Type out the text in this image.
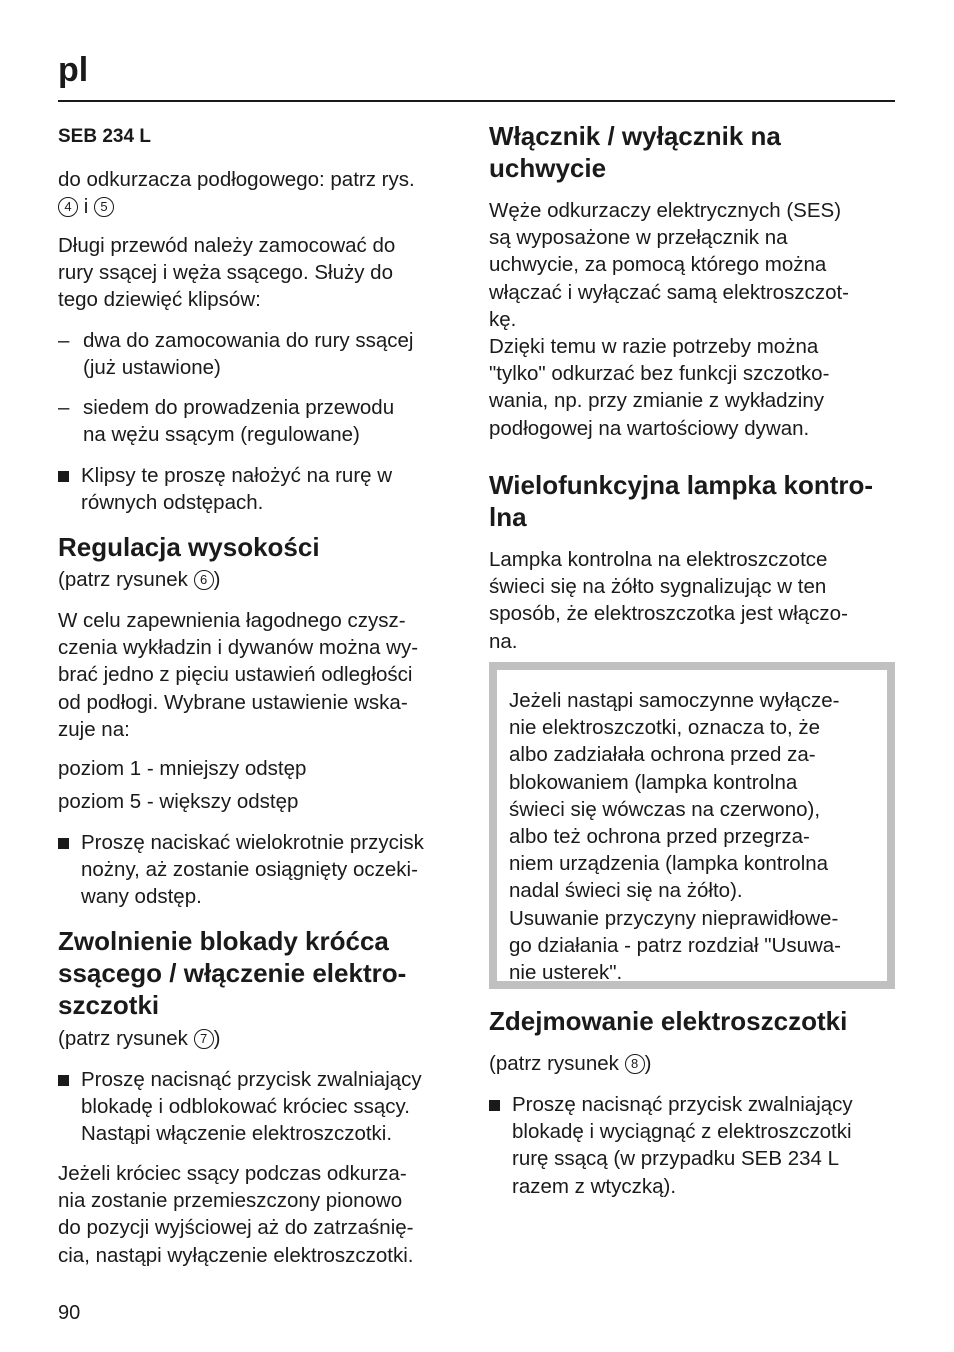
pl
SEB 234 L
do odkurzacza podłogowego: patrz rys.
4 i 5
Długi przewód należy zamocować do
rury ssącej i węża ssącego. Służy do
tego dziewięć klipsów:
– dwa do zamocowania do rury ssącej
(już ustawione)
– siedem do prowadzenia przewodu
na wężu ssącym (regulowane)
Klipsy te proszę nałożyć na rurę w
równych odstępach.
Regulacja wysokości
(patrz rysunek 6 )
W celu zapewnienia łagodnego czysz-
czenia wykładzin i dywanów można wy-
brać jedno z pięciu ustawień odległości
od podłogi. Wybrane ustawienie wska-
zuje na:
poziom 1 - mniejszy odstęp
poziom 5 - większy odstęp
Proszę naciskać wielokrotnie przycisk
nożny, aż zostanie osiągnięty oczeki-
wany odstęp.
Zwolnienie blokady króćca
ssącego / włączenie elektro-
szczotki
(patrz rysunek 7 )
Proszę nacisnąć przycisk zwalniający
blokadę i odblokować króciec ssący.
Nastąpi włączenie elektroszczotki.
Jeżeli króciec ssący podczas odkurza-
nia zostanie przemieszczony pionowo
do pozycji wyjściowej aż do zatrzaśnię-
cia, nastąpi wyłączenie elektroszczotki.
Włącznik / wyłącznik na
uchwycie
Węże odkurzaczy elektrycznych (SES)
są wyposażone w przełącznik na
uchwycie, za pomocą którego można
włączać i wyłączać samą elektroszczot-
kę.
Dzięki temu w razie potrzeby można
"tylko" odkurzać bez funkcji szczotko-
wania, np. przy zmianie z wykładziny
podłogowej na wartościowy dywan.
Wielofunkcyjna lampka kontro-
lna
Lampka kontrolna na elektroszczotce
świeci się na żółto sygnalizując w ten
sposób, że elektroszczotka jest włączo-
na.
Zdejmowanie elektroszczotki
(patrz rysunek 8 )
Proszę nacisnąć przycisk zwalniający
blokadę i wyciągnąć z elektroszczotki
rurę ssącą (w przypadku SEB 234 L
razem z wtyczką).

Jeżeli nastąpi samoczynne wyłącze-

nie elektroszczotki, oznacza to, że

albo zadziałała ochrona przed za-

blokowaniem (lampka kontrolna

świeci się wówczas na czerwono),

albo też ochrona przed przegrza-

niem urządzenia (lampka kontrolna

nadal świeci się na żółto).

Usuwanie przyczyny nieprawidłowe-

go działania - patrz rozdział "Usuwa-

nie usterek".

90
